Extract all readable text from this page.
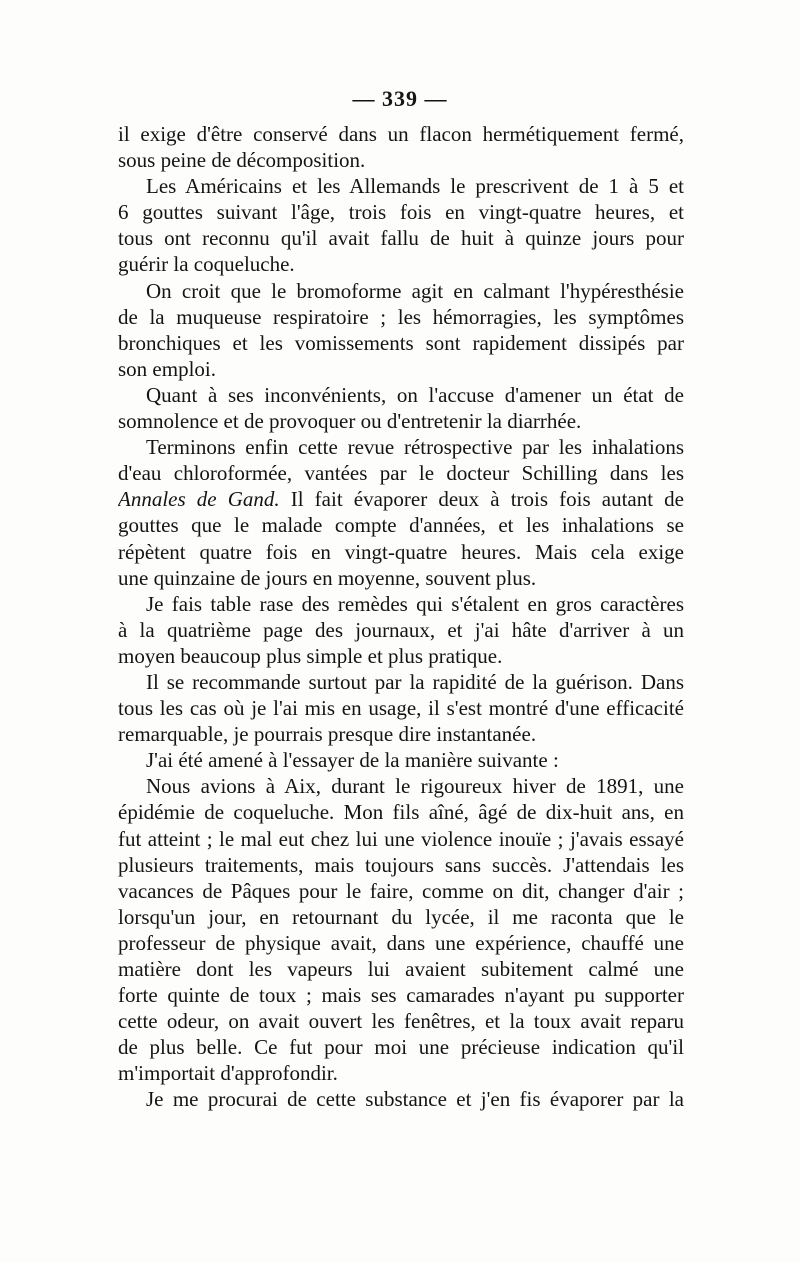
— 339 —
il exige d'être conservé dans un flacon hermétiquement fermé,
sous peine de décomposition.
Les Américains et les Allemands le prescrivent de 1 à 5 et
6 gouttes suivant l'âge, trois fois en vingt-quatre heures, et
tous ont reconnu qu'il avait fallu de huit à quinze jours pour
guérir la coqueluche.
On croit que le bromoforme agit en calmant l'hypéresthésie
de la muqueuse respiratoire ; les hémorragies, les symptômes
bronchiques et les vomissements sont rapidement dissipés par
son emploi.
Quant à ses inconvénients, on l'accuse d'amener un état de
somnolence et de provoquer ou d'entretenir la diarrhée.
Terminons enfin cette revue rétrospective par les inhalations
d'eau chloroformée, vantées par le docteur Schilling dans les
Annales de Gand. Il fait évaporer deux à trois fois autant de
gouttes que le malade compte d'années, et les inhalations se
répètent quatre fois en vingt-quatre heures. Mais cela exige
une quinzaine de jours en moyenne, souvent plus.
Je fais table rase des remèdes qui s'étalent en gros caractères
à la quatrième page des journaux, et j'ai hâte d'arriver à un
moyen beaucoup plus simple et plus pratique.
Il se recommande surtout par la rapidité de la guérison. Dans
tous les cas où je l'ai mis en usage, il s'est montré d'une efficacité
remarquable, je pourrais presque dire instantanée.
J'ai été amené à l'essayer de la manière suivante :
Nous avions à Aix, durant le rigoureux hiver de 1891, une
épidémie de coqueluche. Mon fils aîné, âgé de dix-huit ans, en
fut atteint ; le mal eut chez lui une violence inouïe ; j'avais essayé
plusieurs traitements, mais toujours sans succès. J'attendais les
vacances de Pâques pour le faire, comme on dit, changer d'air ;
lorsqu'un jour, en retournant du lycée, il me raconta que le
professeur de physique avait, dans une expérience, chauffé une
matière dont les vapeurs lui avaient subitement calmé une
forte quinte de toux ; mais ses camarades n'ayant pu supporter
cette odeur, on avait ouvert les fenêtres, et la toux avait reparu
de plus belle. Ce fut pour moi une précieuse indication qu'il
m'importait d'approfondir.
Je me procurai de cette substance et j'en fis évaporer par la
